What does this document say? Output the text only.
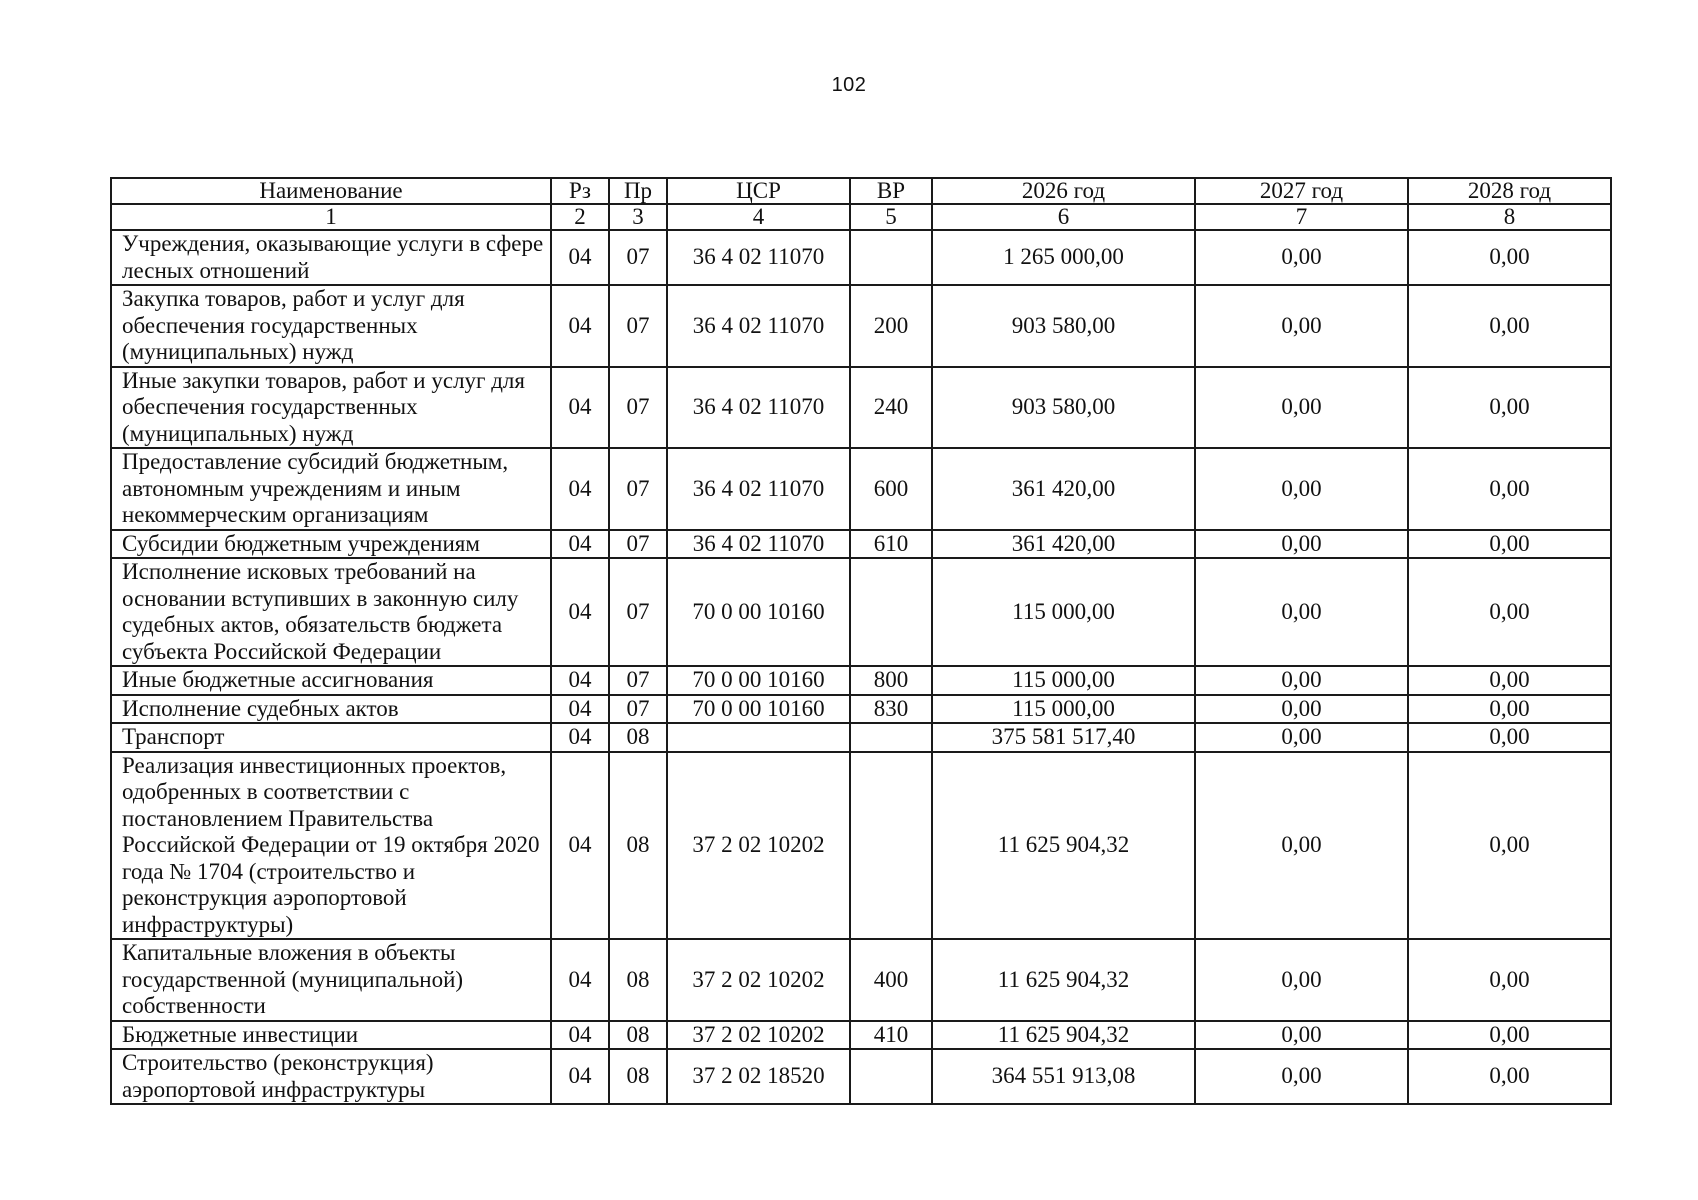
102
Наименование	Рз	Пр	ЦСР	ВР	2026 год	2027 год	2028 год
1	2	3	4	5	6	7	8
Учреждения, оказывающие услуги в сфере лесных отношений	04	07	36 4 02 11070		1 265 000,00	0,00	0,00
Закупка товаров, работ и услуг для обеспечения государственных (муниципальных) нужд	04	07	36 4 02 11070	200	903 580,00	0,00	0,00
Иные закупки товаров, работ и услуг для обеспечения государственных (муниципальных) нужд	04	07	36 4 02 11070	240	903 580,00	0,00	0,00
Предоставление субсидий бюджетным, автономным учреждениям и иным некоммерческим организациям	04	07	36 4 02 11070	600	361 420,00	0,00	0,00
Субсидии бюджетным учреждениям	04	07	36 4 02 11070	610	361 420,00	0,00	0,00
Исполнение исковых требований на основании вступивших в законную силу судебных актов, обязательств бюджета субъекта Российской Федерации	04	07	70 0 00 10160		115 000,00	0,00	0,00
Иные бюджетные ассигнования	04	07	70 0 00 10160	800	115 000,00	0,00	0,00
Исполнение судебных актов	04	07	70 0 00 10160	830	115 000,00	0,00	0,00
Транспорт	04	08			375 581 517,40	0,00	0,00
Реализация инвестиционных проектов, одобренных в соответствии с постановлением Правительства Российской Федерации от 19 октября 2020 года № 1704 (строительство и реконструкция аэропортовой инфраструктуры)	04	08	37 2 02 10202		11 625 904,32	0,00	0,00
Капитальные вложения в объекты государственной (муниципальной) собственности	04	08	37 2 02 10202	400	11 625 904,32	0,00	0,00
Бюджетные инвестиции	04	08	37 2 02 10202	410	11 625 904,32	0,00	0,00
Строительство (реконструкция) аэропортовой инфраструктуры	04	08	37 2 02 18520		364 551 913,08	0,00	0,00
